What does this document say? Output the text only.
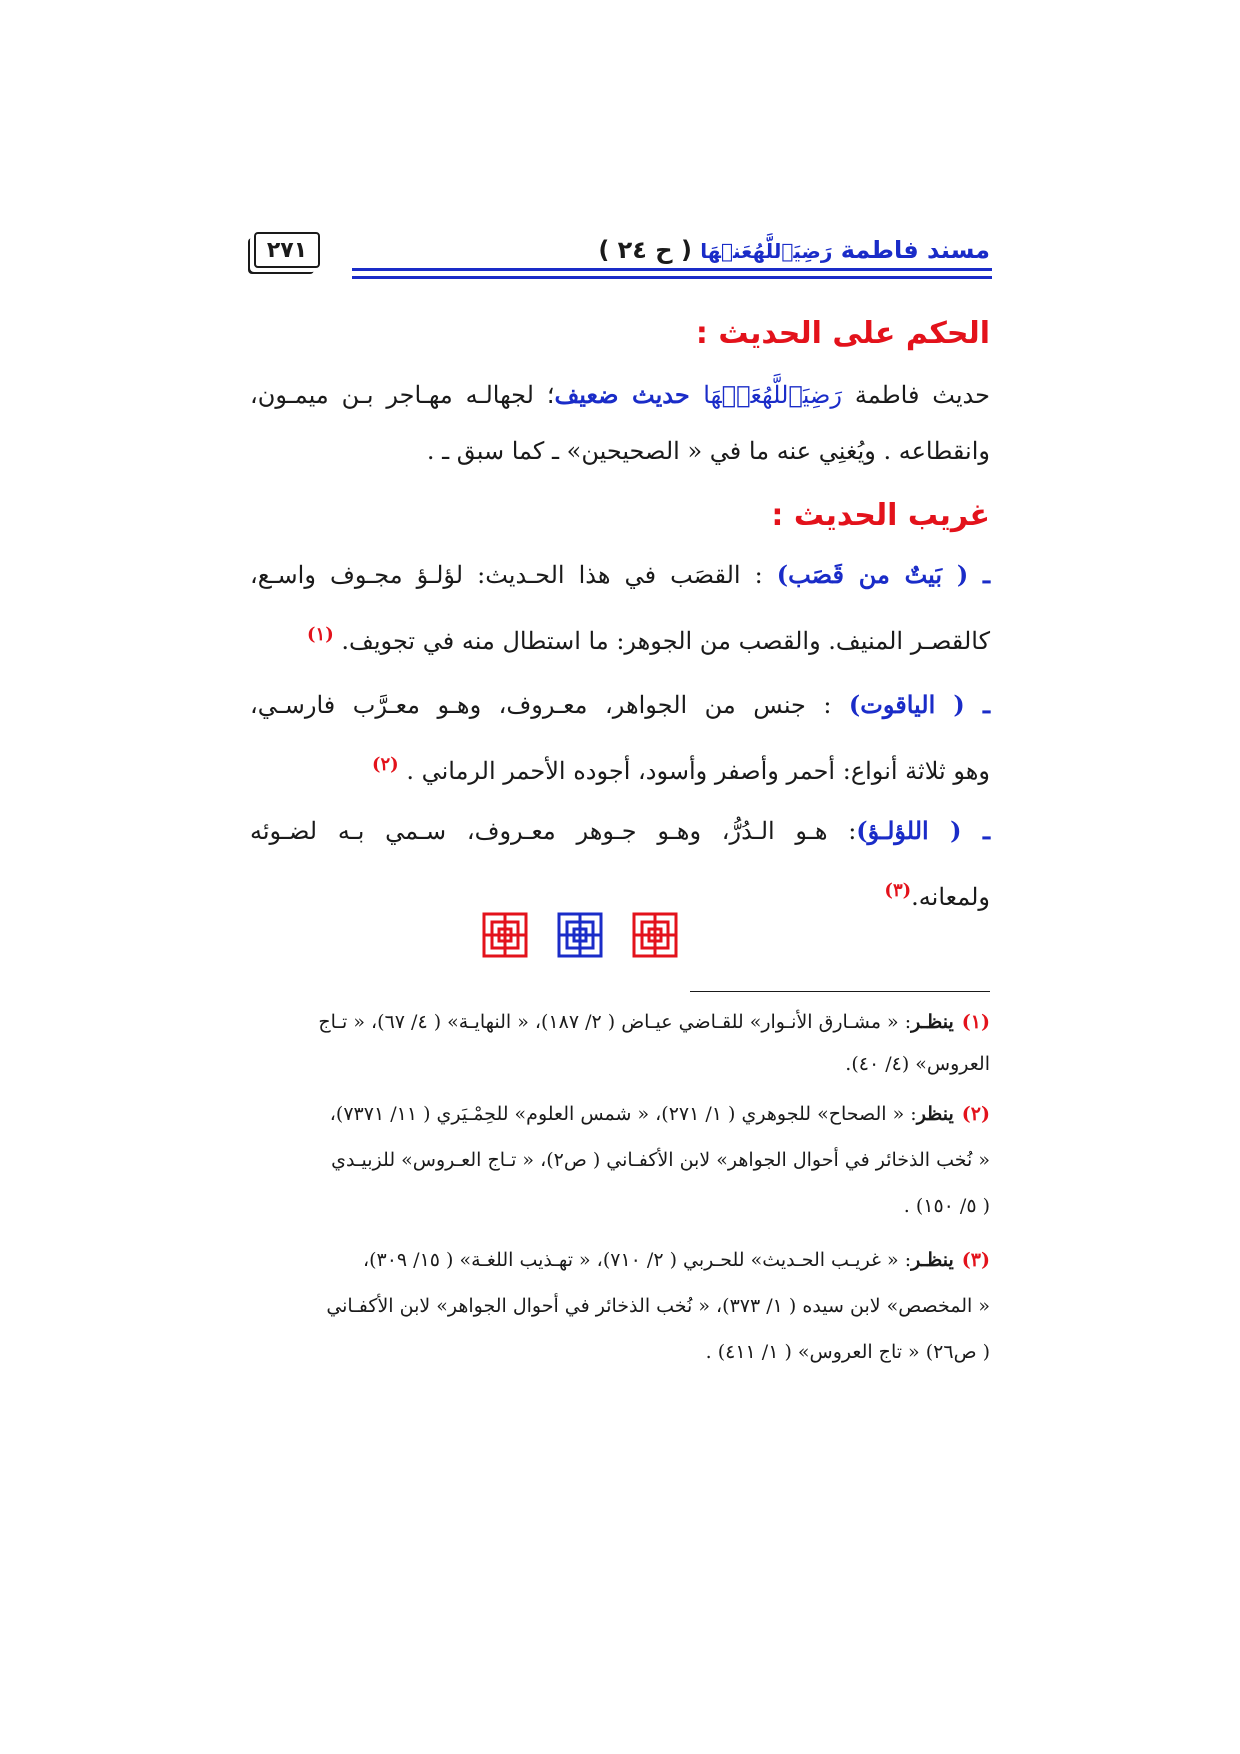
مسند فاطمة رَضِيَٱللَّهُعَنۡهَا ( ح ٢٤ )
٢٧١
الحكم على الحديث :
حديث فاطمة رَضِيَٱللَّهُعَنۡهَا حديث ضعيف؛ لجهالـه مهـاجر بـن ميمـون،
وانقطاعه . ويُغنِي عنه ما في « الصحيحين» ـ كما سبق ـ .
غريب الحديث :
ـ ( بَيتٌ من قَصَب) : القصَب في هذا الحـديث: لؤلـؤ مجـوف واسـع،
كالقصـر المنيف. والقصب من الجوهر: ما استطال منه في تجويف. $^{(١)}$
ـ ( الياقوت) : جنس من الجواهر، معـروف، وهـو معـرَّب فارسـي،
وهو ثلاثة أنواع: أحمر وأصفر وأسود، أجوده الأحمر الرماني . $^{(٢)}$
ـ ( اللؤلـؤ): هـو الـدُرُّ، وهـو جـوهر معـروف، سـمي بـه لضـوئه
ولمعانه.$^{(٣)}$
(١)ينظـر: « مشـارق الأنـوار» للقـاضي عيـاض ( ٢/ ١٨٧)، « النهايـة» ( ٤/ ٦٧)، « تـاج
العروس» (٤/ ٤٠).
(٢)ينظر: « الصحاح» للجوهري ( ١/ ٢٧١)، « شمس العلوم» للحِمْـيَري ( ١١/ ٧٣٧١)،
« نُخب الذخائر في أحوال الجواهر» لابن الأكفـاني ( ص٢)، « تـاج العـروس» للزبيـدي
( ٥/ ١٥٠) .
(٣)ينظـر: « غريـب الحـديث» للحـربي ( ٢/ ٧١٠)، « تهـذيب اللغـة» ( ١٥/ ٣٠٩)،
« المخصص» لابن سيده ( ١/ ٣٧٣)، « نُخب الذخائر في أحوال الجواهر» لابن الأكفـاني
( ص٢٦) « تاج العروس» ( ١/ ٤١١) .
